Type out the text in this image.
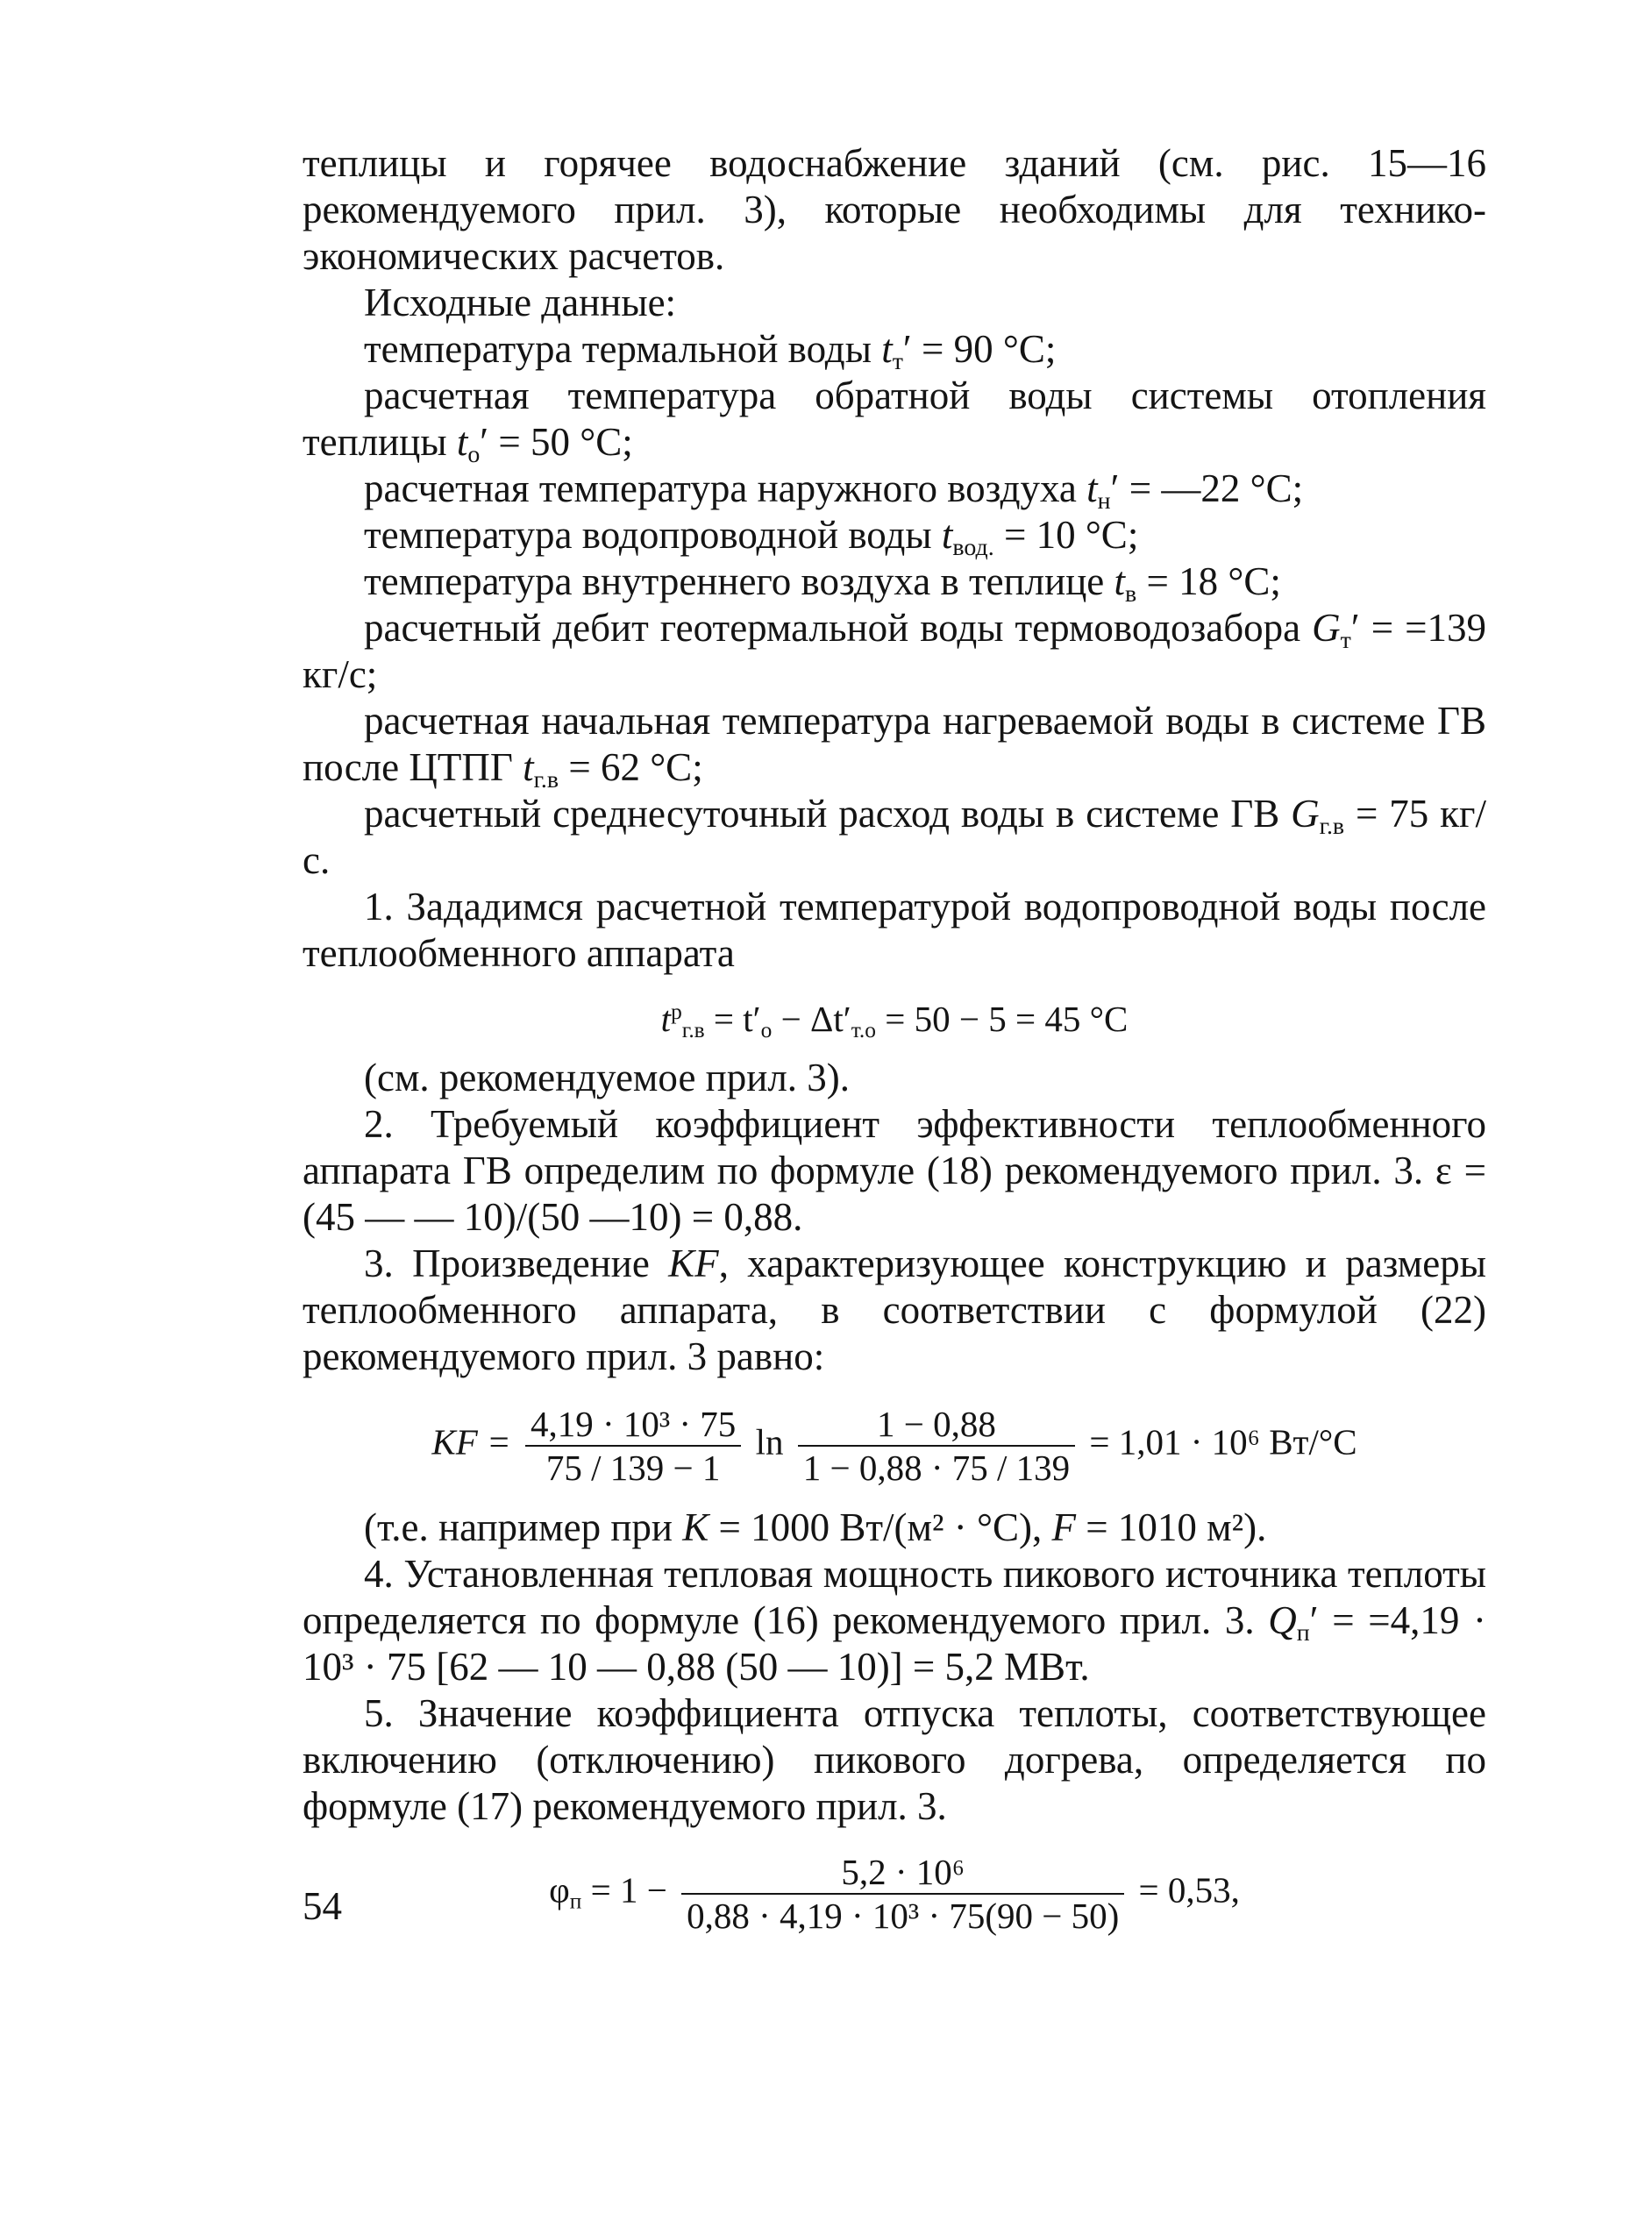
теплицы и горячее водоснабжение зданий (см. рис. 15—16 рекомендуемого прил. 3), которые необходимы для технико-экономических расчетов.

Исходные данные:

температура термальной воды $t_т' = 90$ °С;

расчетная температура обратной воды системы отопления теплицы $t_о' = 50$ °С;

расчетная температура наружного воздуха $t_н'$ = —22 °С;

температура водопроводной воды $t_{вод.} = 10$ °С;

температура внутреннего воздуха в теплице $t_в = 18$ °С;

расчетный дебит геотермальной воды термоводозабора $G_т' = =139$ кг/с;

расчетная начальная температура нагреваемой воды в системе ГВ после ЦТПГ $t_{г.в} = 62$ °С;

расчетный среднесуточный расход воды в системе ГВ $G_{г.в} = 75$ кг/с.

1. Зададимся расчетной температурой водопроводной воды после теплообменного аппарата

$t^р_{г.в} = t'_о - \Delta t'_{т.о} = 50 - 5 = 45$ °С

(см. рекомендуемое прил. 3).

2. Требуемый коэффициент эффективности теплообменного аппарата ГВ определим по формуле (18) рекомендуемого прил. 3. ε = (45 — — 10)/(50 —10) = 0,88.

3. Произведение KF, характеризующее конструкцию и размеры теплообменного аппарата, в соответствии с формулой (22) рекомендуемого прил. 3 равно:

KF = $\frac{\text{4,19 · 10³ · 75}}{75 / 139 - 1}$ $\ln \frac{1 - 0,88}{1 - 0,88 \cdot 75 / 139} = 1,01 \cdot 10^6$ Вт/°С

(т.е. например при K = 1000 Вт/(м² · °С), F = 1010 м²).

4. Установленная тепловая мощность пикового источника теплоты определяется по формуле (16) рекомендуемого прил. 3. $Q_п' = =4,19 \cdot 10^3 \cdot 75$ [62 — 10 — 0,88 (50 — 10)] = 5,2 МВт.

5. Значение коэффициента отпуска теплоты, соответствующее включению (отключению) пикового догрева, определяется по формуле (17) рекомендуемого прил. 3.

$\varphi_п = 1 - \frac{\text{5,2 · 10⁶}}{\text{0,88 · 4,19 · 10³ · 75(90 − 50)}} = 0,53$,
54
